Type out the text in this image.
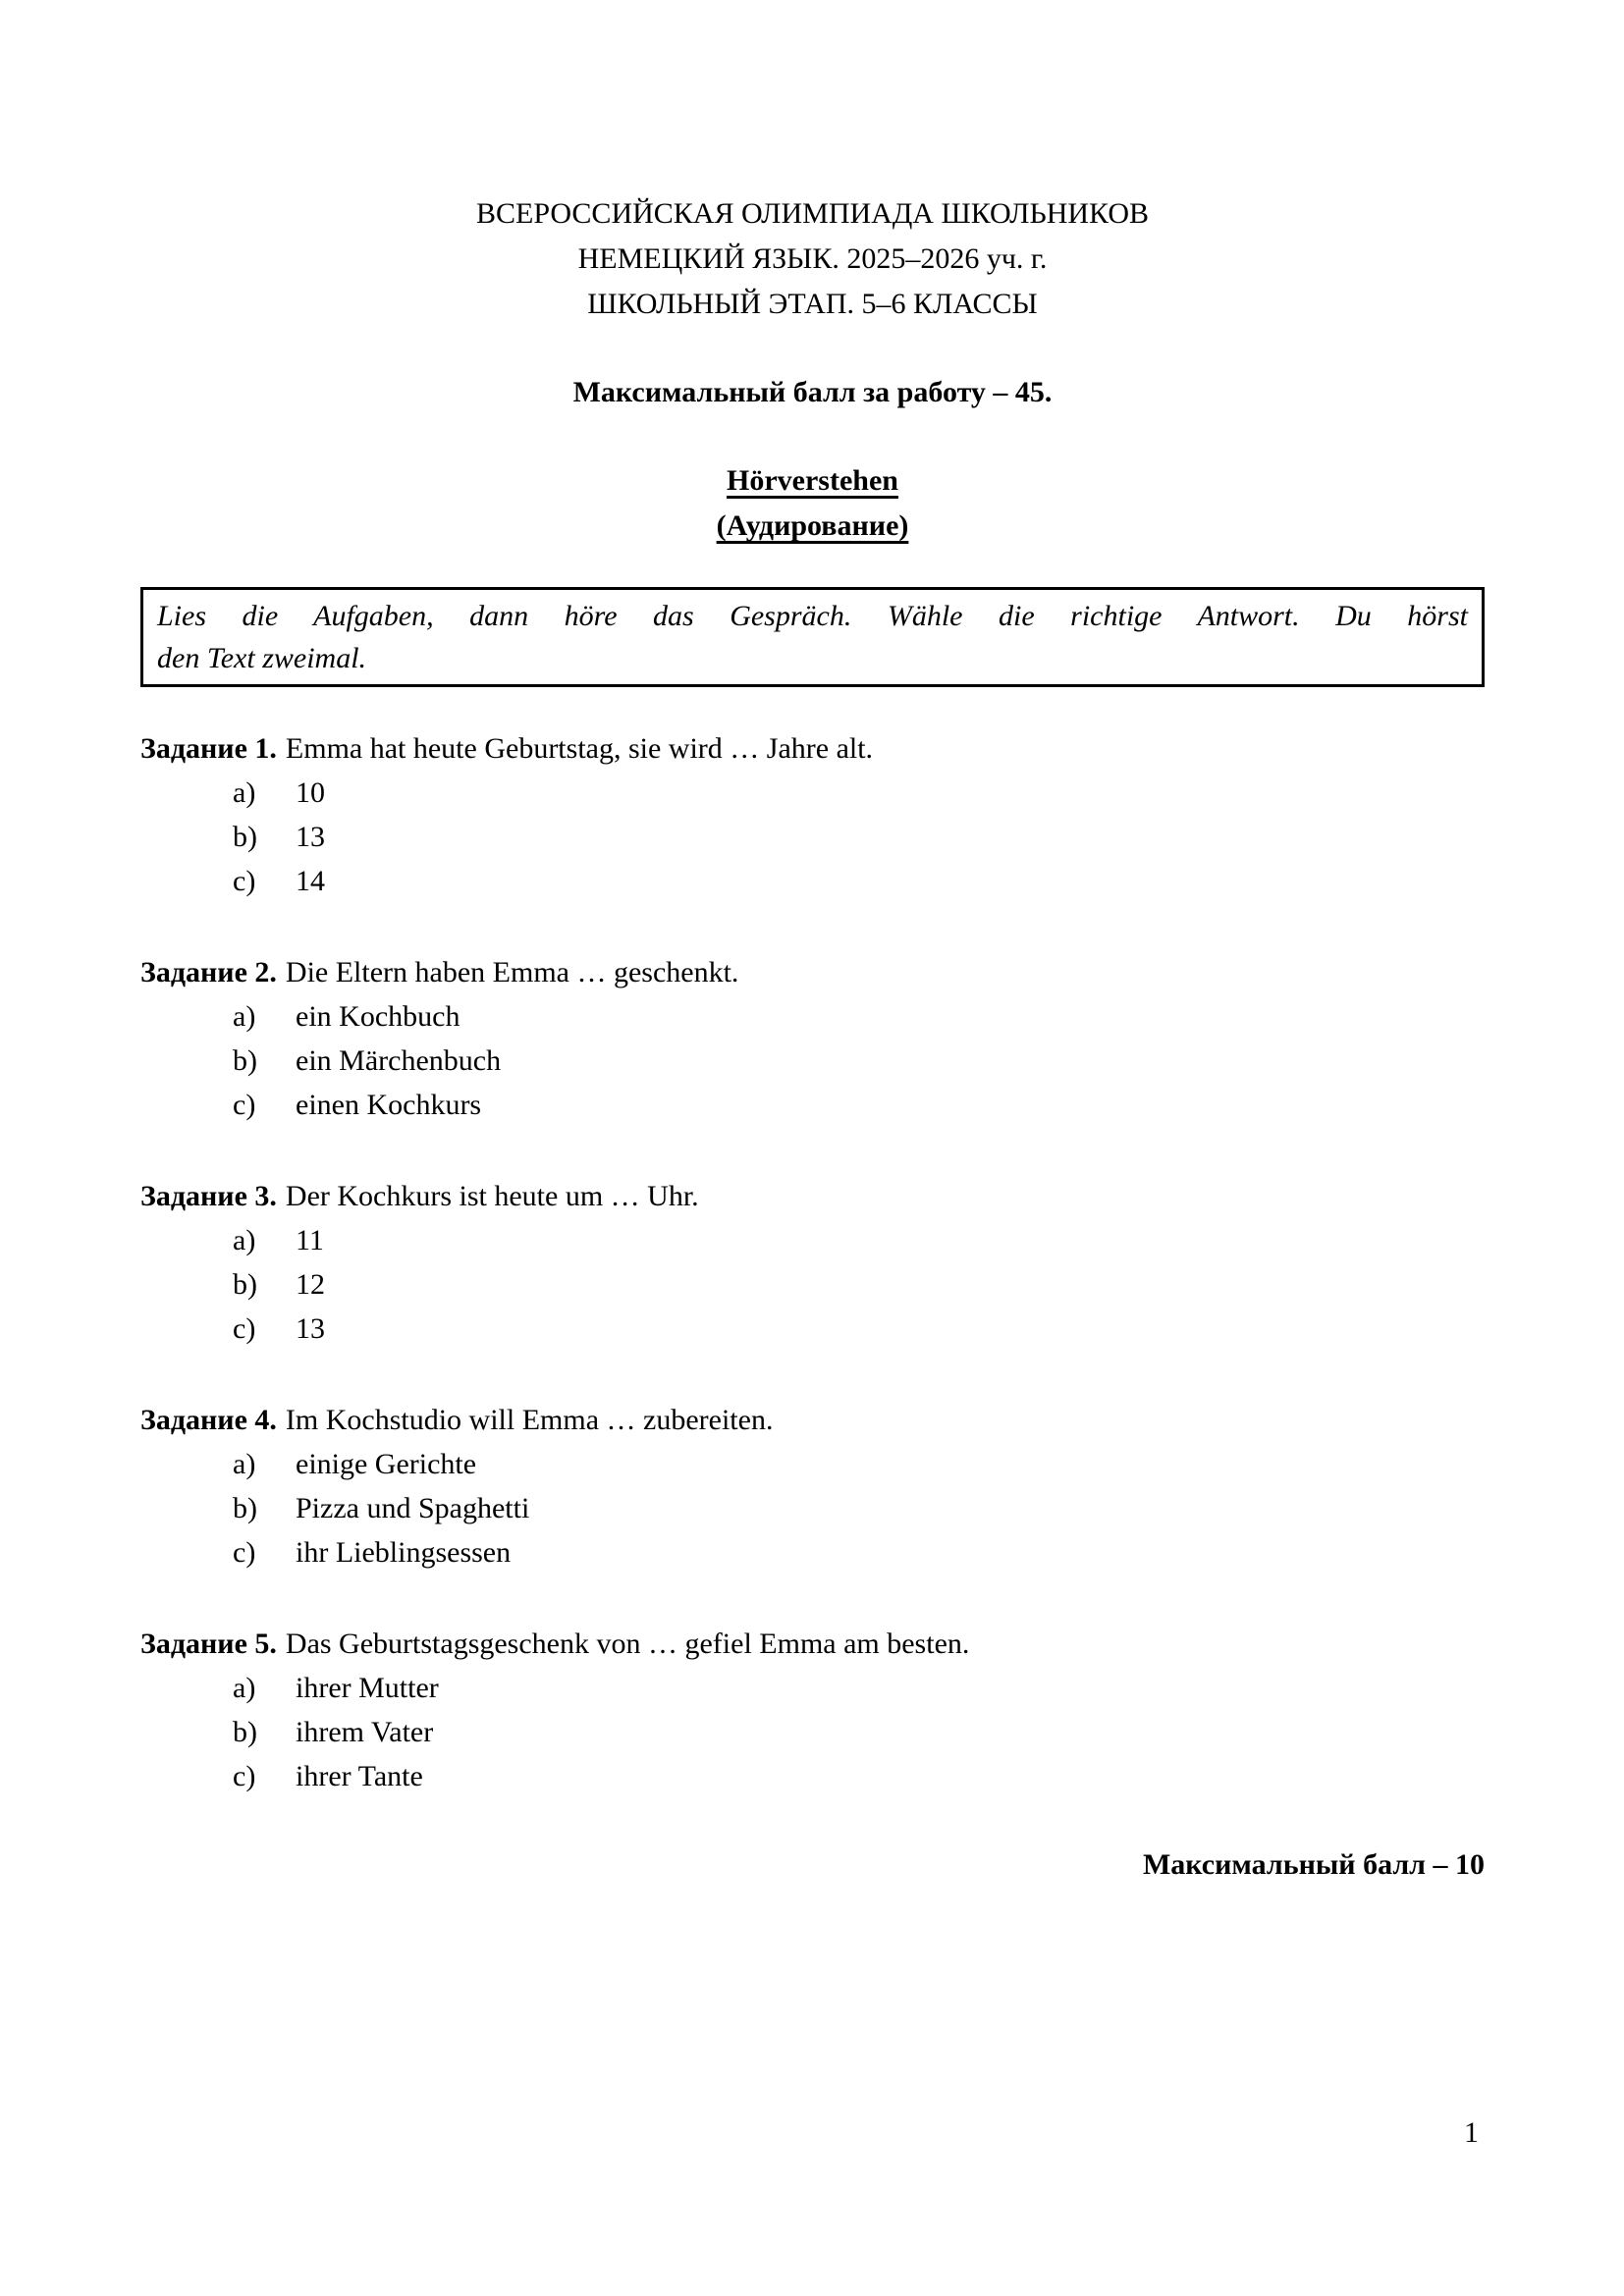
ВСЕРОССИЙСКАЯ ОЛИМПИАДА ШКОЛЬНИКОВ
НЕМЕЦКИЙ ЯЗЫК. 2025–2026 уч. г.
ШКОЛЬНЫЙ ЭТАП. 5–6 КЛАССЫ
Максимальный балл за работу – 45.
Hörverstehen
(Аудирование)
Lies die Aufgaben, dann höre das Gespräch. Wähle die richtige Antwort. Du hörst
den Text zweimal.

Задание 1. Emma hat heute Geburtstag, sie wird … Jahre alt.

a) 10
b) 13
c) 14

Задание 2. Die Eltern haben Emma … geschenkt.

a) ein Kochbuch
b) ein Märchenbuch
c) einen Kochkurs

Задание 3. Der Kochkurs ist heute um … Uhr.

a) 11
b) 12
c) 13

Задание 4. Im Kochstudio will Emma … zubereiten.

a) einige Gerichte
b) Pizza und Spaghetti
c) ihr Lieblingsessen

Задание 5. Das Geburtstagsgeschenk von … gefiel Emma am besten.

a) ihrer Mutter
b) ihrem Vater
c) ihrer Tante
Максимальный балл – 10
1
